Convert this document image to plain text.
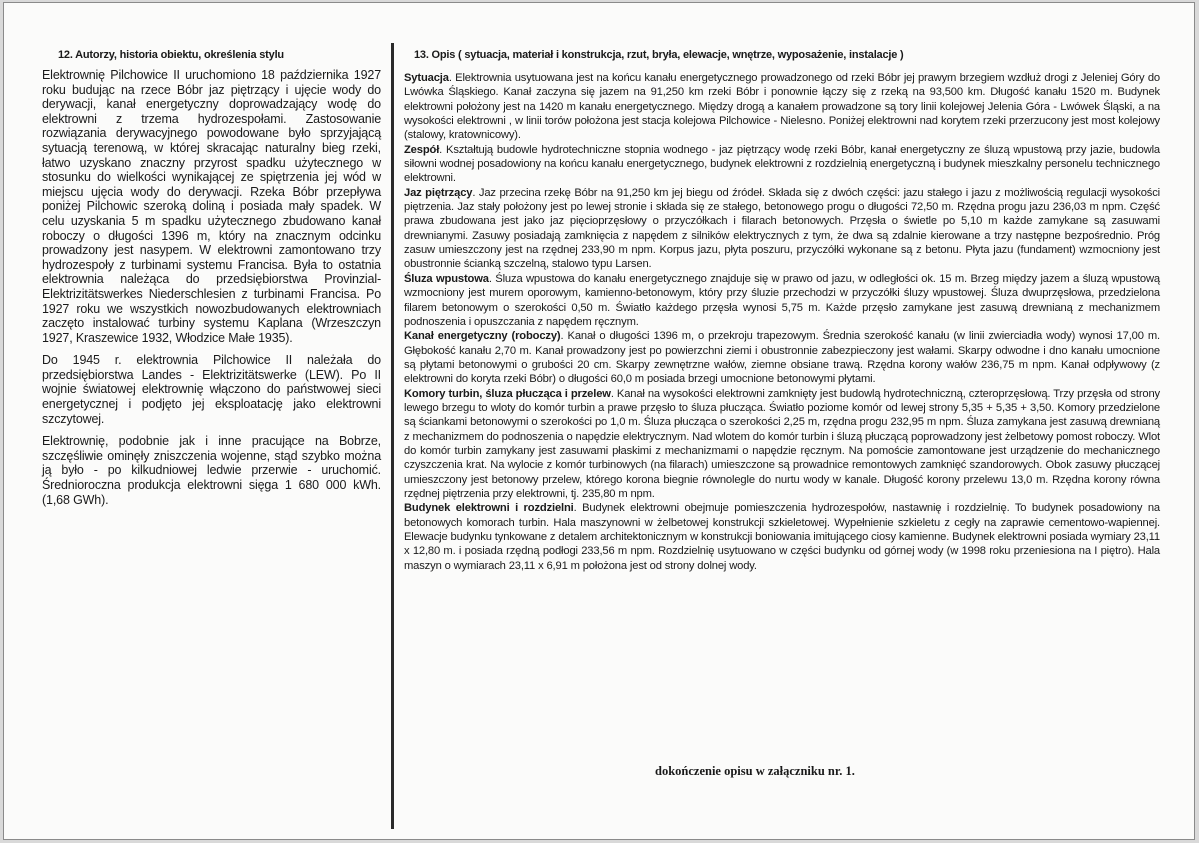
12. Autorzy, historia obiektu, określenia stylu	13. Opis ( sytuacja, materiał i konstrukcja, rzut, bryła, elewacje, wnętrze, wyposażenie, instalacje )

Elektrownię Pilchowice II uruchomiono 18 października 1927 roku budując na rzece Bóbr jaz piętrzący i ujęcie wody do derywacji, kanał energetyczny doprowadzający wodę do elektrowni z trzema hydrozespołami. Zastosowanie rozwiązania derywacyjnego powodowane było sprzyjającą sytuacją terenową, w której skracając naturalny bieg rzeki, łatwo uzyskano znaczny przyrost spadku użytecznego w stosunku do wielkości wynikającej ze spiętrzenia jej wód w miejscu ujęcia wody do derywacji. Rzeka Bóbr przepływa poniżej Pilchowic szeroką doliną i posiada mały spadek. W celu uzyskania 5 m spadku użytecznego zbudowano kanał roboczy o długości 1396 m, który na znacznym odcinku prowadzony jest nasypem. W elektrowni zamontowano trzy hydrozespoły z turbinami systemu Francisa. Była to ostatnia elektrownia należąca do przedsiębiorstwa Provinzial-Elektrizitätswerkes Niederschlesien z turbinami Francisa. Po 1927 roku we wszystkich nowozbudowanych elektrowniach zaczęto instalować turbiny systemu Kaplana (Wrzeszczyn 1927, Kraszewice 1932, Włodzice Małe 1935).

Do 1945 r. elektrownia Pilchowice II należała do przedsiębiorstwa Landes - Elektrizitätswerke (LEW). Po II wojnie światowej elektrownię włączono do państwowej sieci energetycznej i podjęto jej eksploatację jako elektrowni szczytowej.

Elektrownię, podobnie jak i inne pracujące na Bobrze, szczęśliwie ominęły zniszczenia wojenne, stąd szybko można ją było - po kilkudniowej ledwie przerwie - uruchomić. Średnioroczna produkcja elektrowni sięga 1 680 000 kWh. (1,68 GWh).

Sytuacja. Elektrownia usytuowana jest na końcu kanału energetycznego prowadzonego od rzeki Bóbr jej prawym brzegiem wzdłuż drogi z Jeleniej Góry do Lwówka Śląskiego. Kanał zaczyna się jazem na 91,250 km rzeki Bóbr i ponownie łączy się z rzeką na 93,500 km. Długość kanału 1520 m. Budynek elektrowni położony jest na 1420 m kanału energetycznego. Między drogą a kanałem prowadzone są tory linii kolejowej Jelenia Góra - Lwówek Śląski, a na wysokości elektrowni , w linii torów położona jest stacja kolejowa Pilchowice - Nielesno. Poniżej elektrowni nad korytem rzeki przerzucony jest most kolejowy (stalowy, kratownicowy).

Zespół. Kształtują budowle hydrotechniczne stopnia wodnego - jaz piętrzący wodę rzeki Bóbr, kanał energetyczny ze śluzą wpustową przy jazie, budowla siłowni wodnej posadowiony na końcu kanału energetycznego, budynek elektrowni z rozdzielnią energetyczną i budynek mieszkalny personelu technicznego elektrowni.

Jaz piętrzący. Jaz przecina rzekę Bóbr na 91,250 km jej biegu od źródeł. Składa się z dwóch części: jazu stałego i jazu z możliwością regulacji wysokości piętrzenia. Jaz stały położony jest po lewej stronie i składa się ze stałego, betonowego progu o długości 72,50 m. Rzędna progu jazu 236,03 m npm. Część prawa zbudowana jest jako jaz pięcioprzęsłowy o przyczółkach i filarach betonowych. Przęsła o świetle po 5,10 m każde zamykane są zasuwami drewnianymi. Zasuwy posiadają zamknięcia z napędem z silników elektrycznych z tym, że dwa są zdalnie kierowane a trzy następne bezpośrednio. Próg zasuw umieszczony jest na rzędnej 233,90 m npm. Korpus jazu, płyta poszuru, przyczółki wykonane są z betonu. Płyta jazu (fundament) wzmocniony jest obustronnie ścianką szczelną, stalowo typu Larsen.

Śluza wpustowa. Śluza wpustowa do kanału energetycznego znajduje się w prawo od jazu, w odległości ok. 15 m. Brzeg między jazem a śluzą wpustową wzmocniony jest murem oporowym, kamienno-betonowym, który przy śluzie przechodzi w przyczółki śluzy wpustowej. Śluza dwuprzęsłowa, przedzielona filarem betonowym o szerokości 0,50 m. Światło każdego przęsła wynosi 5,75 m. Każde przęsło zamykane jest zasuwą drewnianą z mechanizmem podnoszenia i opuszczania z napędem ręcznym.

Kanał energetyczny (roboczy). Kanał o długości 1396 m, o przekroju trapezowym. Średnia szerokość kanału (w linii zwierciadła wody) wynosi 17,00 m. Głębokość kanału 2,70 m. Kanał prowadzony jest po powierzchni ziemi i obustronnie zabezpieczony jest wałami. Skarpy odwodne i dno kanału umocnione są płytami betonowymi o grubości 20 cm. Skarpy zewnętrzne wałów, ziemne obsiane trawą. Rzędna korony wałów 236,75 m npm. Kanał odpływowy (z elektrowni do koryta rzeki Bóbr) o długości 60,0 m posiada brzegi umocnione betonowymi płytami.

Komory turbin, śluza płucząca i przelew. Kanał na wysokości elektrowni zamknięty jest budowlą hydrotechniczną, czteroprzęsłową. Trzy przęsła od strony lewego brzegu to wloty do komór turbin a prawe przęsło to śluza płucząca. Światło poziome komór od lewej strony 5,35 + 5,35 + 3,50. Komory przedzielone są ściankami betonowymi o szerokości po 1,0 m. Śluza płucząca o szerokości 2,25 m, rzędna progu 232,95 m npm. Śluza zamykana jest zasuwą drewnianą z mechanizmem do podnoszenia o napędzie elektrycznym. Nad wlotem do komór turbin i śluzą płuczącą poprowadzony jest żelbetowy pomost roboczy. Wlot do komór turbin zamykany jest zasuwami płaskimi z mechanizmami o napędzie ręcznym. Na pomoście zamontowane jest urządzenie do mechanicznego czyszczenia krat. Na wylocie z komór turbinowych (na filarach) umieszczone są prowadnice remontowych zamknięć szandorowych. Obok zasuwy płuczącej umieszczony jest betonowy przelew, którego korona biegnie równolegle do nurtu wody w kanale. Długość korony przelewu 13,0 m. Rzędna korony równa rzędnej piętrzenia przy elektrowni, tj. 235,80 m npm.

Budynek elektrowni i rozdzielni. Budynek elektrowni obejmuje pomieszczenia hydrozespołów, nastawnię i rozdzielnię. To budynek posadowiony na betonowych komorach turbin. Hala maszynowni w żelbetowej konstrukcji szkieletowej. Wypełnienie szkieletu z cegły na zaprawie cementowo-wapiennej. Elewacje budynku tynkowane z detalem architektonicznym w konstrukcji boniowania imitującego ciosy kamienne. Budynek elektrowni posiada wymiary 23,11 x 12,80 m. i posiada rzędną podłogi 233,56 m npm. Rozdzielnię usytuowano w części budynku od górnej wody (w 1998 roku przeniesiona na I piętro). Hala maszyn o wymiarach 23,11 x 6,91 m położona jest od strony dolnej wody.

dokończenie opisu w załączniku nr. 1.
